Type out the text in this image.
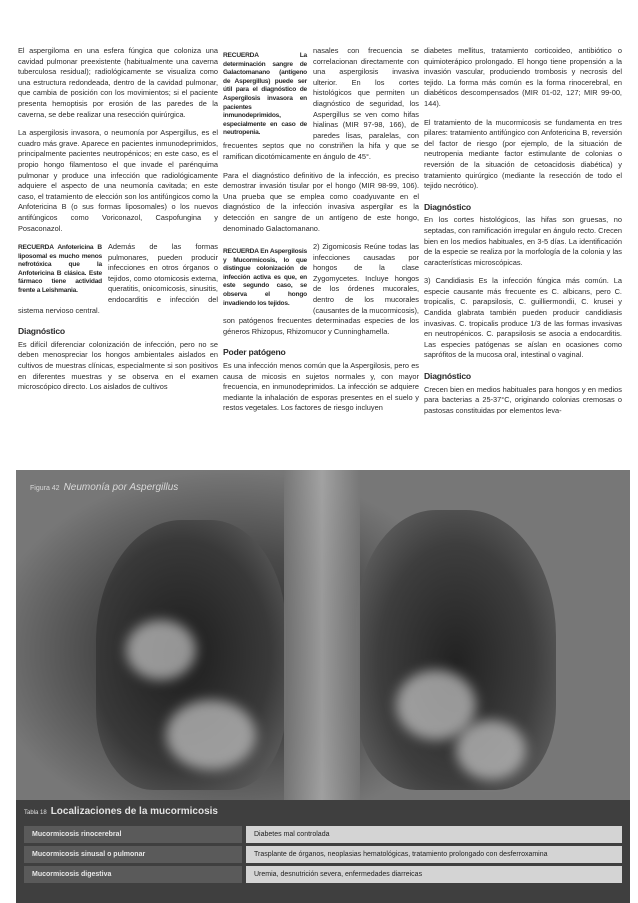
El aspergiloma en una esfera fúngica que coloniza una cavidad pulmonar preexistente (habitualmente una caverna tuberculosa residual); radiológicamente se visualiza como una estructura redondeada, dentro de la cavidad pulmonar, que cambia de posición con los movimientos; si el paciente presenta hemoptisis por erosión de las paredes de la caverna, se debe realizar una resección quirúrgica.

La aspergilosis invasora, o neumonía por Aspergillus, es el cuadro más grave. Aparece en pacientes inmunodeprimidos, principalmente pacientes neutropénicos; en este caso, es el propio hongo filamentoso el que invade el parénquima pulmonar y produce una infección que radiológicamente adquiere el aspecto de una neumonía cavitada; en este caso, el tratamiento de elección son los antifúngicos como la Anfotericina B (o sus formas liposomales) o los nuevos antifúngicos como Voriconazol, Caspofungina y Posaconazol.

RECUERDA Anfotericina B liposomal es mucho menos nefrotóxica que la Anfotericina B clásica. Este fármaco tiene actividad frente a Leishmania.

Además de las formas pulmonares, pueden producir infecciones en otros órganos o tejidos, como otomicosis externa, queratitis, onicomicosis, sinusitis, endocarditis e infección del sistema nervioso central.

Diagnóstico

Es difícil diferenciar colonización de infección, pero no se deben menospreciar los hongos ambientales aislados en cultivos de muestras clínicas, especialmente si son positivos en diferentes muestras y se observa en el examen microscópico directo. Los aislados de cultivos

RECUERDA La determinación sangre de Galactomanano (antígeno de Aspergillus) puede ser útil para el diagnóstico de Aspergilosis invasora en pacientes inmunodeprimidos, especialmente en caso de neutropenia.

nasales con frecuencia se correlacionan directamente con una aspergilosis invasiva ulterior. En los cortes histológicos que permiten un diagnóstico de seguridad, los Aspergillus se ven como hifas hialinas (MIR 97-98, 166), de paredes lisas, paralelas, con frecuentes septos que no constriñen la hifa y que se ramifican dicotómicamente en ángulo de 45°.

Para el diagnóstico definitivo de la infección, es preciso demostrar invasión tisular por el hongo (MIR 98-99, 106). Una prueba que se emplea como coadyuvante en el diagnóstico de la infección invasiva aspergilar es la detección en sangre de un antígeno de este hongo, denominado Galactomanano.

RECUERDA En Aspergilosis y Mucormicosis, lo que distingue colonización de infección activa es que, en este segundo caso, se observa el hongo invadiendo los tejidos.

2) Zigomicosis Reúne todas las infecciones causadas por hongos de la clase Zygomycetes. Incluye hongos de los órdenes mucorales, dentro de los mucorales (causantes de la mucormicosis), son patógenos frecuentes determinadas especies de los géneros Rhizopus, Rhizomucor y Cunninghamella.

Poder patógeno

Es una infección menos común que la Aspergilosis, pero es causa de micosis en sujetos normales y, con mayor frecuencia, en inmunodeprimidos. La infección se adquiere mediante la inhalación de esporas presentes en el suelo y restos vegetales. Los factores de riesgo incluyen

diabetes mellitus, tratamiento corticoideo, antibiótico o quimioterápico prolongado. El hongo tiene propensión a la invasión vascular, produciendo trombosis y necrosis del tejido. La forma más común es la forma rinocerebral, en diabéticos descompensados (MIR 01-02, 127; MIR 99-00, 144).

El tratamiento de la mucormicosis se fundamenta en tres pilares: tratamiento antifúngico con Anfotericina B, reversión del factor de riesgo (por ejemplo, de la situación de neutropenia mediante factor estimulante de colonias o reversión de la situación de cetoacidosis diabética) y tratamiento quirúrgico (mediante la resección de todo el tejido necrótico).

Diagnóstico

En los cortes histológicos, las hifas son gruesas, no septadas, con ramificación irregular en ángulo recto. Crecen bien en los medios habituales, en 3-5 días. La identificación de la especie se realiza por la morfología de la colonia y las características microscópicas.

3) Candidiasis Es la infección fúngica más común. La especie causante más frecuente es C. albicans, pero C. tropicalis, C. parapsilosis, C. guilliermondii, C. krusei y Candida glabrata también pueden producir candidiasis invasivas. C. tropicalis produce 1/3 de las formas invasivas en neutropénicos. C. parapsilosis se asocia a endocarditis. Las especies patógenas se aíslan en ocasiones como saprófitos de la mucosa oral, intestinal o vaginal.

Diagnóstico

Crecen bien en medios habituales para hongos y en medios para bacterias a 25-37°C, originando colonias cremosas o pastosas constituidas por elementos leva-

Figura 42 Neumonía por Aspergillus
Tabla 18 Localizaciones de la mucormicosis
Mucormicosis rinocerebral	Diabetes mal controlada
Mucormicosis sinusal o pulmonar	Trasplante de órganos, neoplasias hematológicas, tratamiento prolongado con desferroxamina
Mucormicosis digestiva	Uremia, desnutrición severa, enfermedades diarreicas
